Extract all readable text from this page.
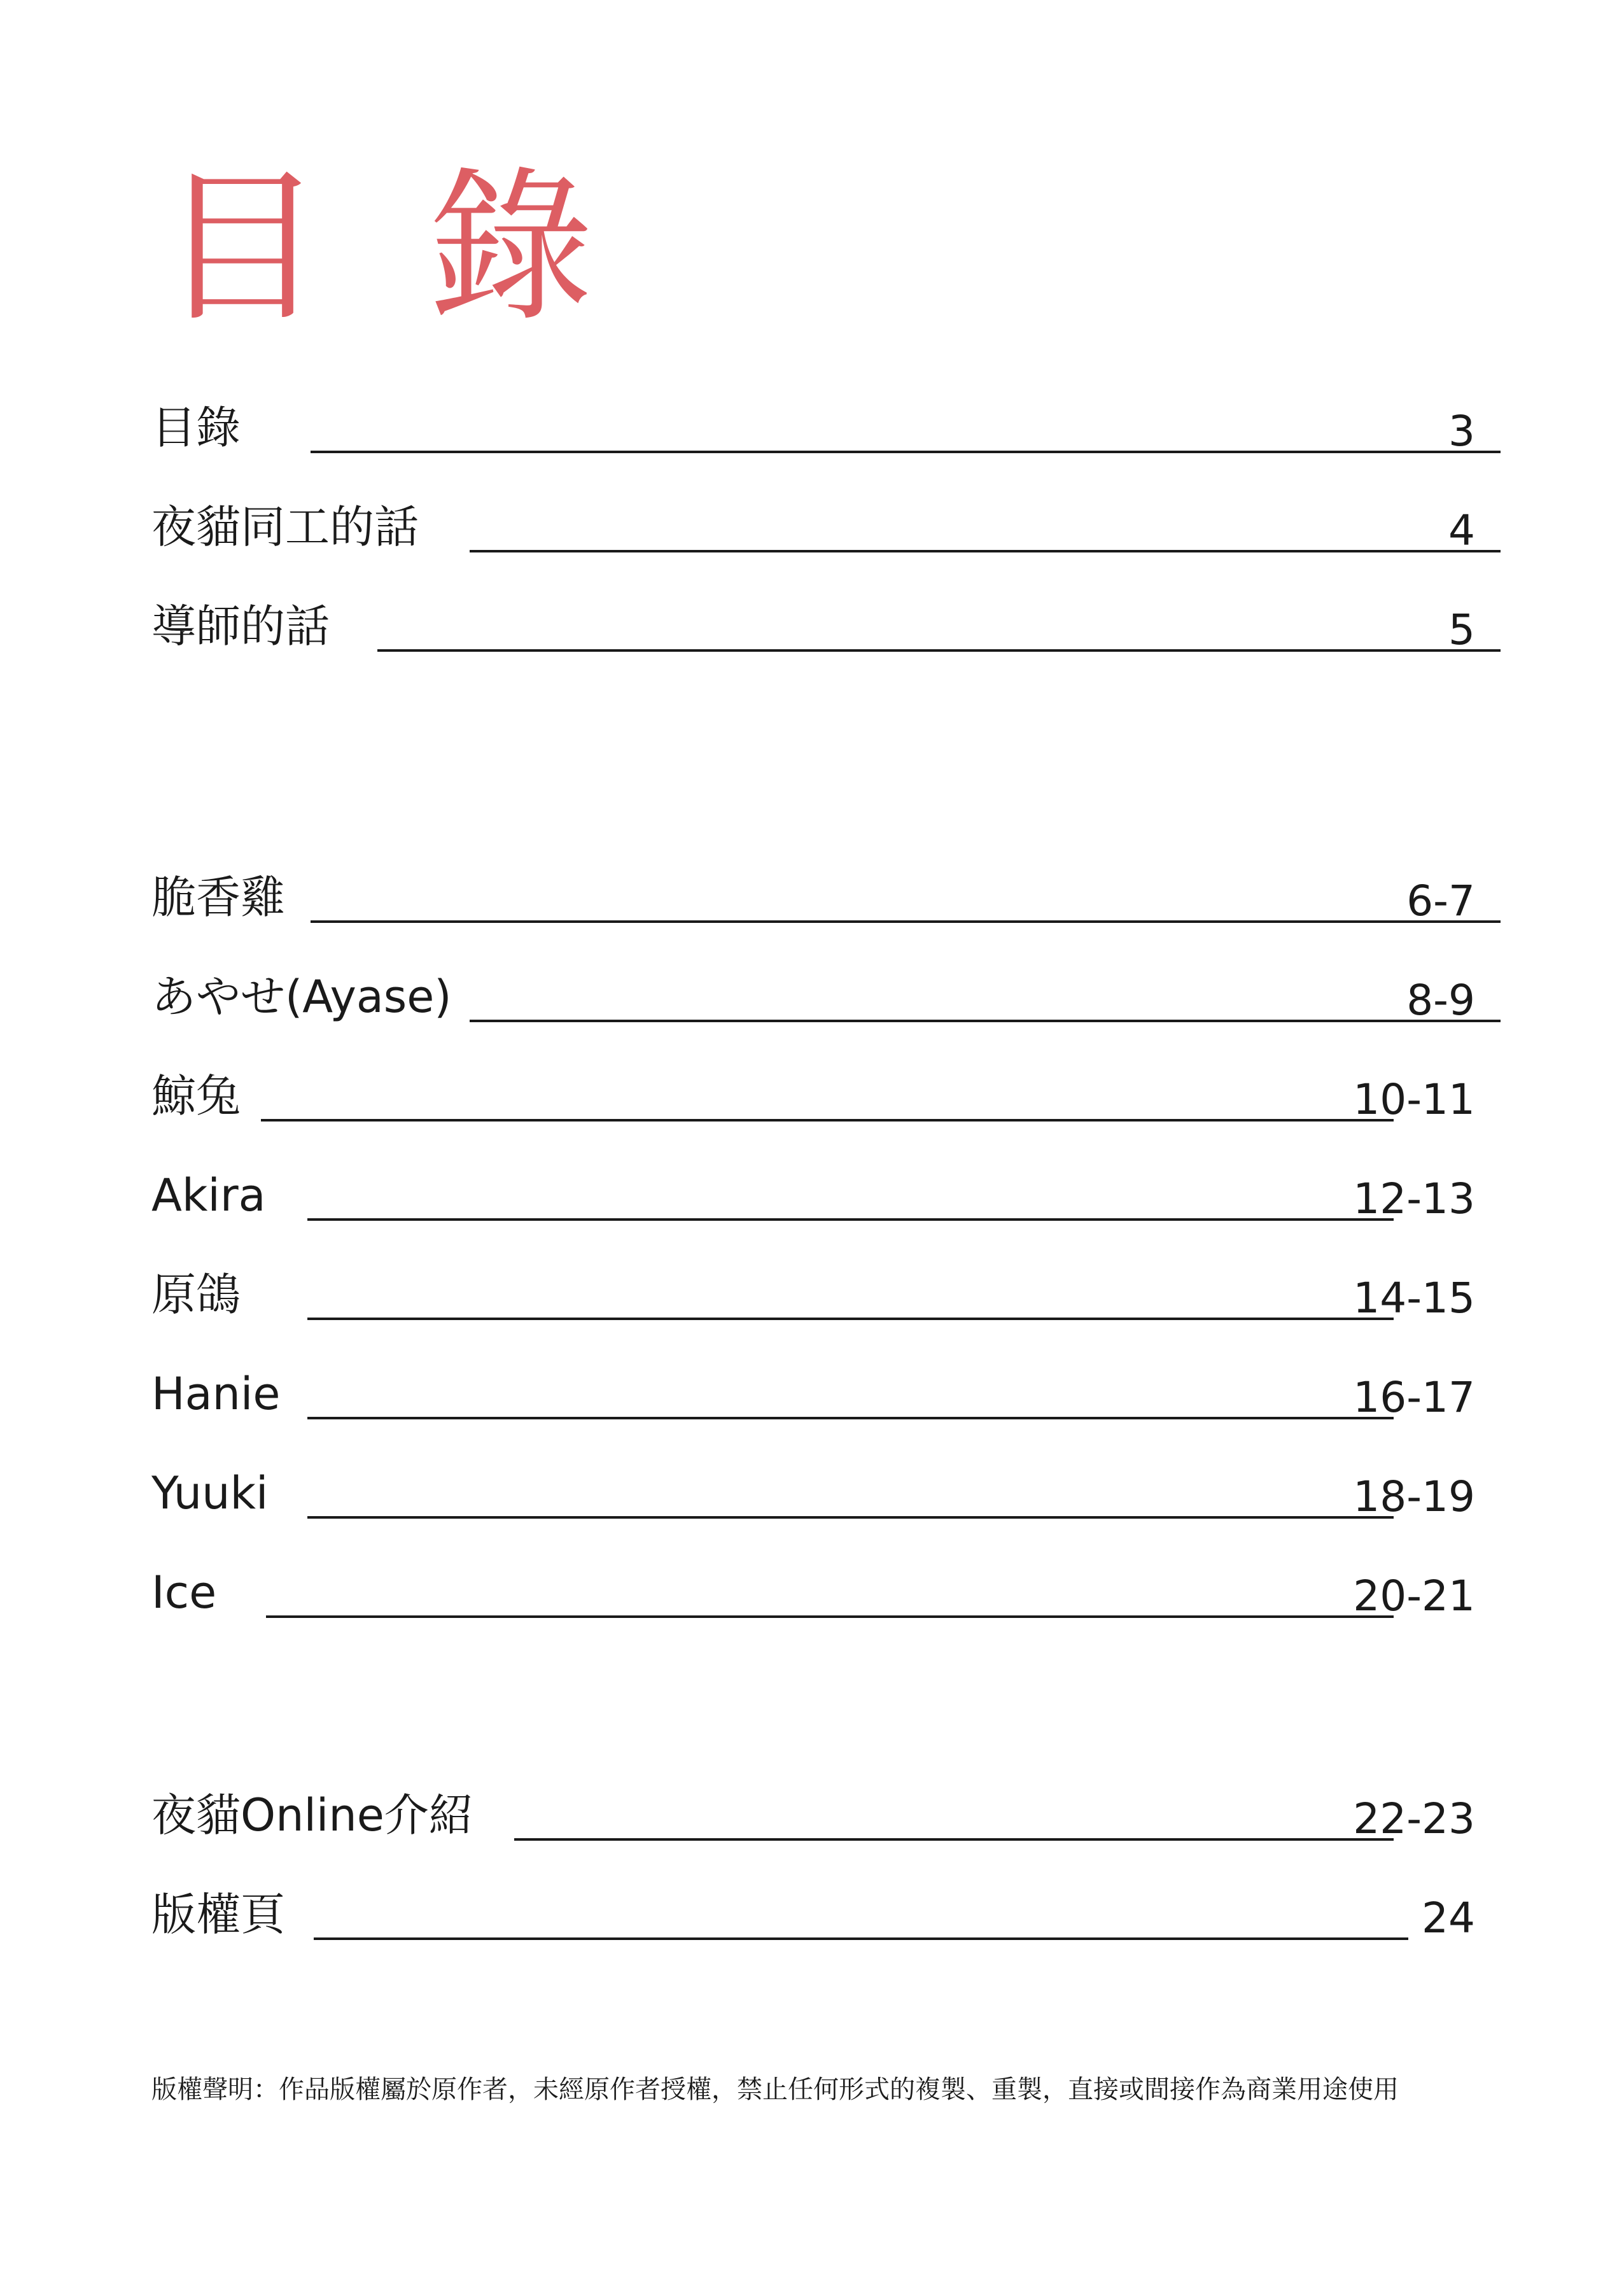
目 錄
目錄	3
夜貓同工的話	4
導師的話	5
脆香雞	6-7
あやせ(Ayase)	8-9
鯨兔	10-11
Akira	12-13
原鴿	14-15
Hanie	16-17
Yuuki	18-19
Ice	20-21
夜貓Online介紹	22-23
版權頁	24
版權聲明：作品版權屬於原作者，未經原作者授權，禁止任何形式的複製、重製，直接或間接作為商業用途使用
